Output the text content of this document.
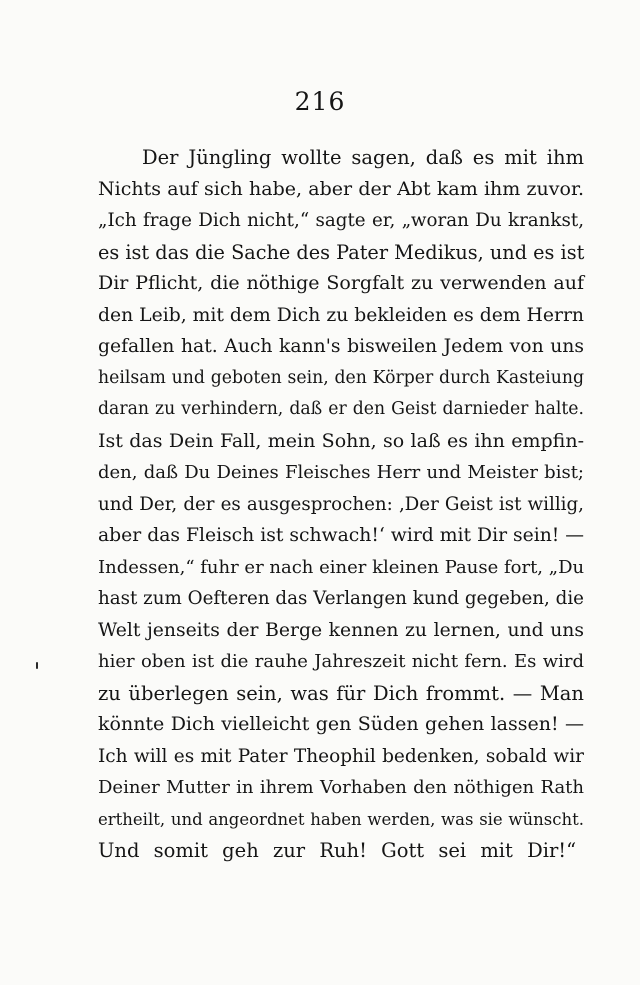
216
Der Jüngling wollte sagen, daß es mit ihm
Nichts auf sich habe, aber der Abt kam ihm zuvor.
„Ich frage Dich nicht,“ sagte er, „woran Du krankst,
es ist das die Sache des Pater Medikus, und es ist
Dir Pflicht, die nöthige Sorgfalt zu verwenden auf
den Leib, mit dem Dich zu bekleiden es dem Herrn
gefallen hat. Auch kann's bisweilen Jedem von uns
heilsam und geboten sein, den Körper durch Kasteiung
daran zu verhindern, daß er den Geist darnieder halte.
Ist das Dein Fall, mein Sohn, so laß es ihn empfin-
den, daß Du Deines Fleisches Herr und Meister bist;
und Der, der es ausgesprochen: ‚Der Geist ist willig,
aber das Fleisch ist schwach!‘ wird mit Dir sein! —
Indessen,“ fuhr er nach einer kleinen Pause fort, „Du
hast zum Oefteren das Verlangen kund gegeben, die
Welt jenseits der Berge kennen zu lernen, und uns
hier oben ist die rauhe Jahreszeit nicht fern. Es wird
zu überlegen sein, was für Dich frommt. — Man
könnte Dich vielleicht gen Süden gehen lassen! —
Ich will es mit Pater Theophil bedenken, sobald wir
Deiner Mutter in ihrem Vorhaben den nöthigen Rath
ertheilt, und angeordnet haben werden, was sie wünscht.
Und somit geh zur Ruh! Gott sei mit Dir!“
